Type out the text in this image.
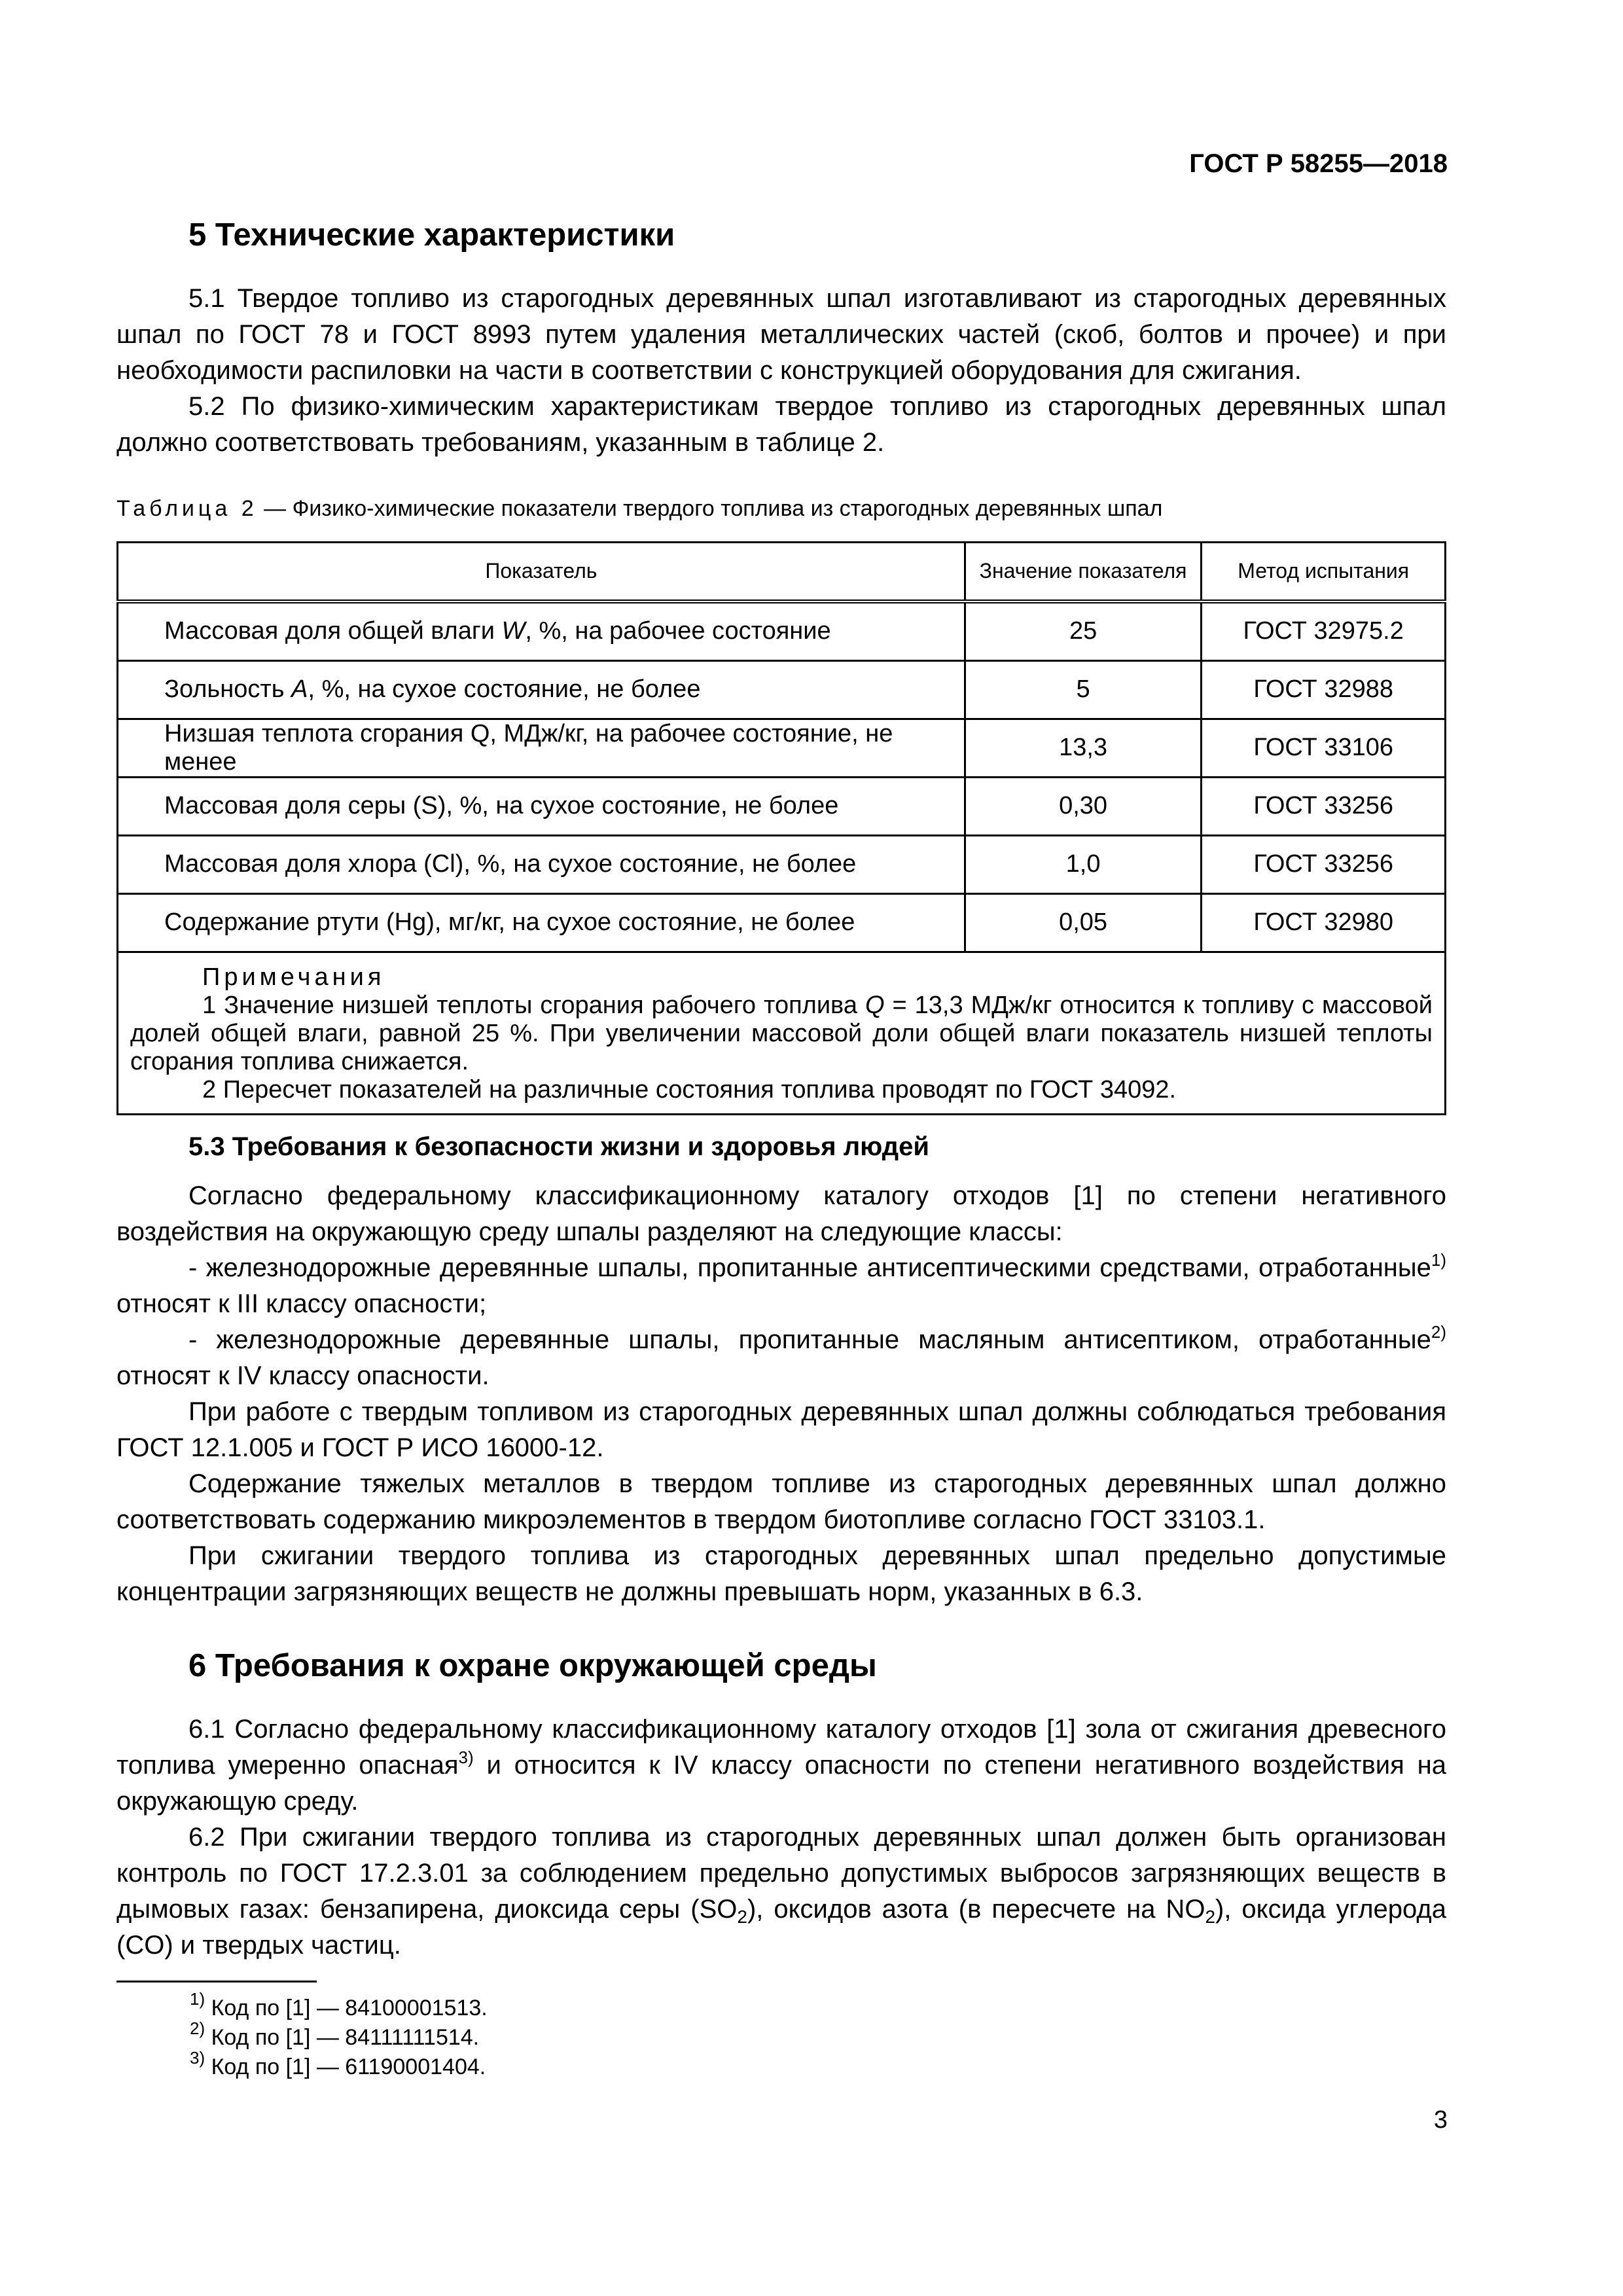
ГОСТ Р 58255—2018
5 Технические характеристики

5.1 Твердое топливо из старогодных деревянных шпал изготавливают из старогодных деревянных шпал по ГОСТ 78 и ГОСТ 8993 путем удаления металлических частей (скоб, болтов и прочее) и при необходимости распиловки на части в соответствии с конструкцией оборудования для сжигания.

5.2 По физико-химическим характеристикам твердое топливо из старогодных деревянных шпал должно соответствовать требованиям, указанным в таблице 2.

Таблица 2 — Физико-химические показатели твердого топлива из старогодных деревянных шпал
Показатель	Значение показателя	Метод испытания
Массовая доля общей влаги W, %, на рабочее состояние	25	ГОСТ 32975.2
Зольность A, %, на сухое состояние, не более	5	ГОСТ 32988
Низшая теплота сгорания Q, МДж/кг, на рабочее состояние, не менее	13,3	ГОСТ 33106
Массовая доля серы (S), %, на сухое состояние, не более	0,30	ГОСТ 33256
Массовая доля хлора (Cl), %, на сухое состояние, не более	1,0	ГОСТ 33256
Содержание ртути (Hg), мг/кг, на сухое состояние, не более	0,05	ГОСТ 32980

Примечания
1 Значение низшей теплоты сгорания рабочего топлива Q = 13,3 МДж/кг относится к топливу с массовой долей общей влаги, равной 25 %. При увеличении массовой доли общей влаги показатель низшей теплоты сгорания топлива снижается.
2 Пересчет показателей на различные состояния топлива проводят по ГОСТ 34092.		
5.3 Требования к безопасности жизни и здоровья людей

Согласно федеральному классификационному каталогу отходов [1] по степени негативного воздействия на окружающую среду шпалы разделяют на следующие классы:

- железнодорожные деревянные шпалы, пропитанные антисептическими средствами, отработанные$^{1)}$ относят к III классу опасности;

- железнодорожные деревянные шпалы, пропитанные масляным антисептиком, отработанные$^{2)}$ относят к IV классу опасности.

При работе с твердым топливом из старогодных деревянных шпал должны соблюдаться требования ГОСТ 12.1.005 и ГОСТ Р ИСО 16000-12.

Содержание тяжелых металлов в твердом топливе из старогодных деревянных шпал должно соответствовать содержанию микроэлементов в твердом биотопливе согласно ГОСТ 33103.1.

При сжигании твердого топлива из старогодных деревянных шпал предельно допустимые концентрации загрязняющих веществ не должны превышать норм, указанных в 6.3.

6 Требования к охране окружающей среды

6.1 Согласно федеральному классификационному каталогу отходов [1] зола от сжигания древесного топлива умеренно опасная$^{3)}$ и относится к IV классу опасности по степени негативного воздействия на окружающую среду.

6.2 При сжигании твердого топлива из старогодных деревянных шпал должен быть организован контроль по ГОСТ 17.2.3.01 за соблюдением предельно допустимых выбросов загрязняющих веществ в дымовых газах: бензапирена, диоксида серы $(SO_2)$, оксидов азота (в пересчете на $NO_2$), оксида углерода (CO) и твердых частиц.

$^{1)}$ Код по [1] — 84100001513.
$^{2)}$ Код по [1] — 84111111514.
$^{3)}$ Код по [1] — 61190001404.
3
